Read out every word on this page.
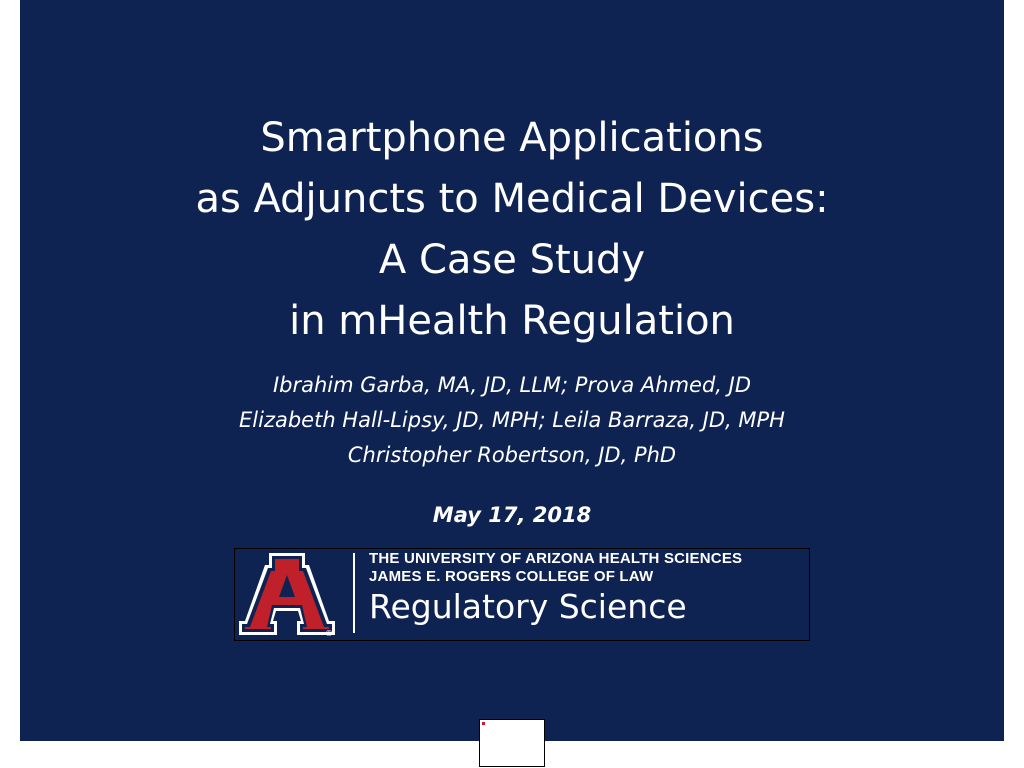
Smartphone Applications
as Adjuncts to Medical Devices:
A Case Study
in mHealth Regulation
Ibrahim Garba, MA, JD, LLM; Prova Ahmed, JD
Elizabeth Hall-Lipsy, JD, MPH; Leila Barraza, JD, MPH
Christopher Robertson, JD, PhD
May 17, 2018
®
THE UNIVERSITY OF ARIZONA HEALTH SCIENCES
JAMES E. ROGERS COLLEGE OF LAW
Regulatory Science
